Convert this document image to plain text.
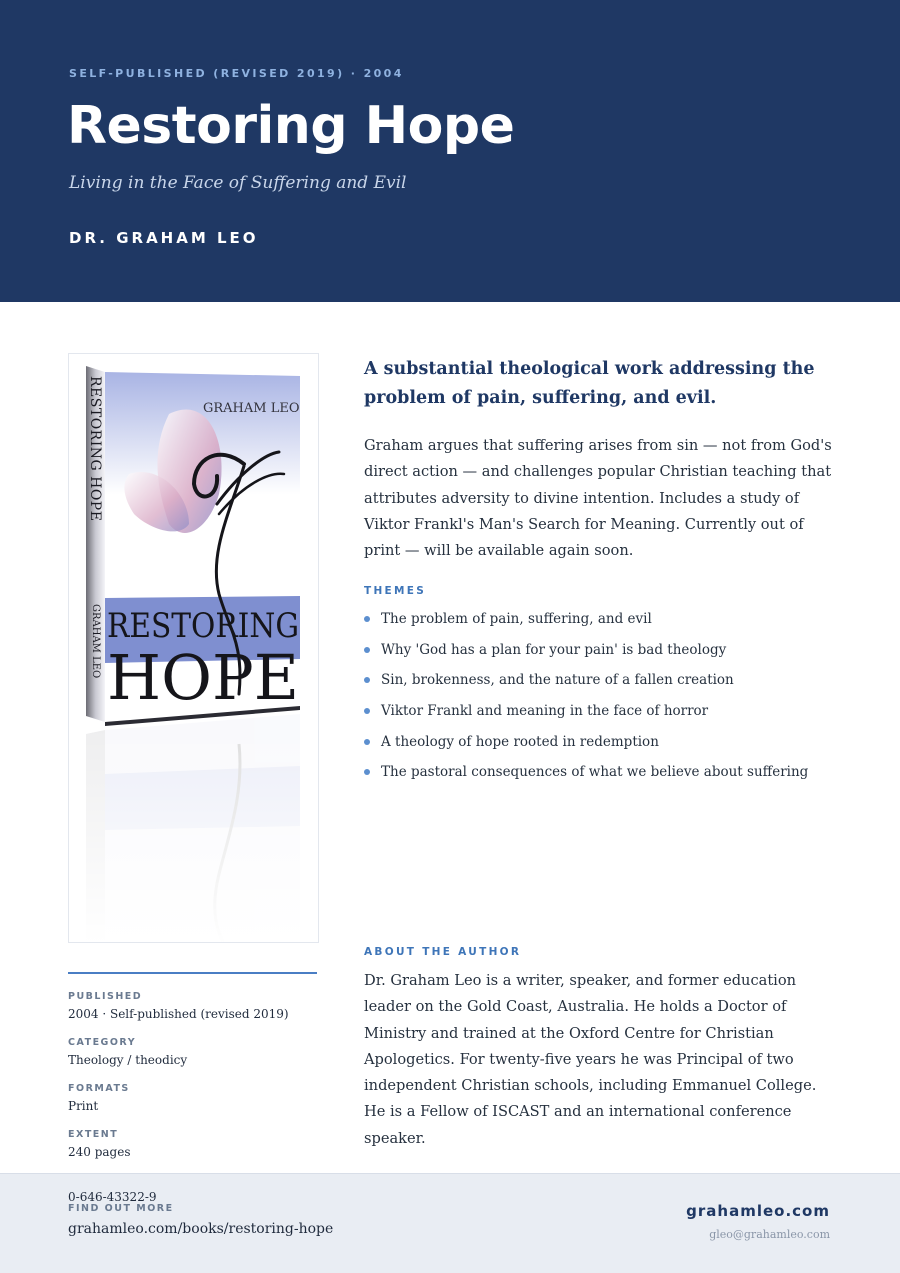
SELF-PUBLISHED (REVISED 2019) · 2004
Restoring Hope
Living in the Face of Suffering and Evil
DR. GRAHAM LEO
GRAHAM LEO
RESTORING HOPE
GRAHAM LEO RESTORING
HOPE
PUBLISHED
2004 · Self-published (revised 2019)
CATEGORY
Theology / theodicy
FORMATS
Print
EXTENT
240 pages
0-646-43322-9

A substantial theological work addressing the problem of pain, suffering, and evil.

Graham argues that suffering arises from sin — not from God's direct action — and challenges popular Christian teaching that attributes adversity to divine intention. Includes a study of Viktor Frankl's Man's Search for Meaning. Currently out of print — will be available again soon.

THEMES
The problem of pain, suffering, and evil
Why 'God has a plan for your pain' is bad theology
Sin, brokenness, and the nature of a fallen creation
Viktor Frankl and meaning in the face of horror
A theology of hope rooted in redemption
The pastoral consequences of what we believe about suffering
ABOUT THE AUTHOR

Dr. Graham Leo is a writer, speaker, and former education leader on the Gold Coast, Australia. He holds a Doctor of Ministry and trained at the Oxford Centre for Christian Apologetics. For twenty-five years he was Principal of two independent Christian schools, including Emmanuel College. He is a Fellow of ISCAST and an international conference speaker.

FIND OUT MORE
grahamleo.com/books/restoring-hope
grahamleo.com
gleo@grahamleo.com
